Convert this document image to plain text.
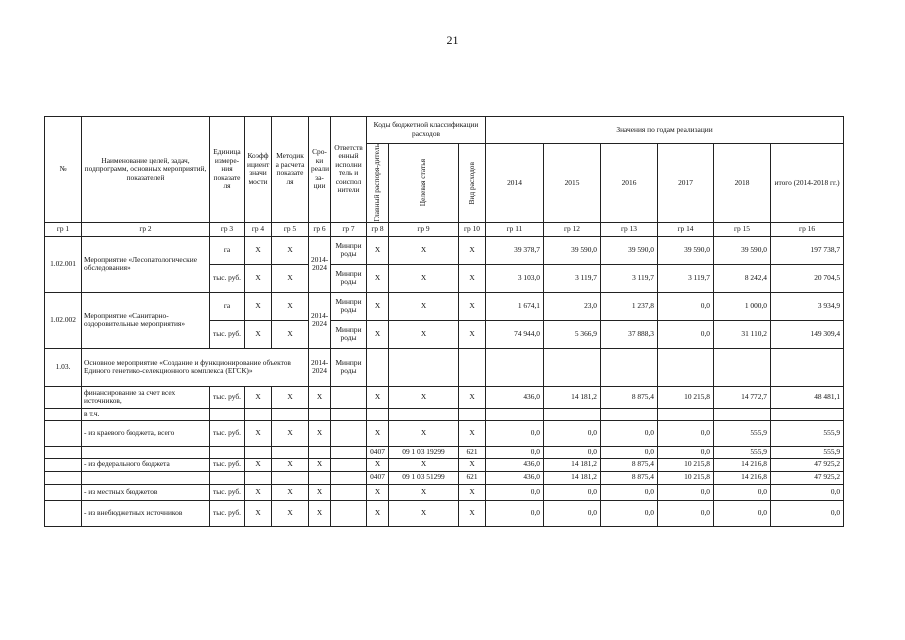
21
№	Наименование целей, задач, подпрограмм, основных мероприятий, показателей	Единица измере-ния показате ля	Коэфф ициент значи мости	Методик а расчета показате ля	Сро-ки реали за-ции	Ответств енный исполни тель и соиспол нители	Коды бюджетной классификации расходов			Значения по годам реализации					

							Главный распоря-дитель	Целевая статья	Вид расходов	2014	2015	2016	2017	2018	итого (2014-2018 гг.)
гр 1	гр 2	гр 3	гр 4	гр 5	гр 6	гр 7	гр 8	гр 9	гр 10	гр 11	гр 12	гр 13	гр 14	гр 15	гр 16
1.02.001	Мероприятие «Лесопатологические обследования»	га	Х	Х	2014-2024	Минпри роды	Х	Х	Х	39 378,7	39 590,0	39 590,0	39 590,0	39 590,0	197 738,7
		тыс. руб.	Х	Х		Минпри роды	Х	Х	Х	3 103,0	3 119,7	3 119,7	3 119,7	8 242,4	20 704,5
1.02.002	Мероприятие «Санитарно-оздоровительные мероприятия»	га	Х	Х	2014-2024	Минпри роды	Х	Х	Х	1 674,1	23,0	1 237,8	0,0	1 000,0	3 934,9
		тыс. руб.	Х	Х		Минпри роды	Х	Х	Х	74 944,0	5 366,9	37 888,3	0,0	31 110,2	149 309,4
1.03.	Основное мероприятие «Создание и функционирование объектов Единого генетико-селекционного комплекса (ЕГСК)»				2014-2024	Минпри роды									
	финансирование за счет всех источников,	тыс. руб.	Х	Х	Х		Х	Х	Х	436,0	14 181,2	8 875,4	10 215,8	14 772,7	48 481,1
	в т.ч.														
	- из краевого бюджета, всего	тыс. руб.	Х	Х	Х		Х	Х	Х	0,0	0,0	0,0	0,0	555,9	555,9
							0407	09 1 03 19299	621	0,0	0,0	0,0	0,0	555,9	555,9
	- из федерального бюджета	тыс. руб.	Х	Х	Х		Х	Х	Х	436,0	14 181,2	8 875,4	10 215,8	14 216,8	47 925,2
							0407	09 1 03 51299	621	436,0	14 181,2	8 875,4	10 215,8	14 216,8	47 925,2
	- из местных бюджетов	тыс. руб.	Х	Х	Х		Х	Х	Х	0,0	0,0	0,0	0,0	0,0	0,0
	- из внебюджетных источников	тыс. руб.	Х	Х	Х		Х	Х	Х	0,0	0,0	0,0	0,0	0,0	0,0
